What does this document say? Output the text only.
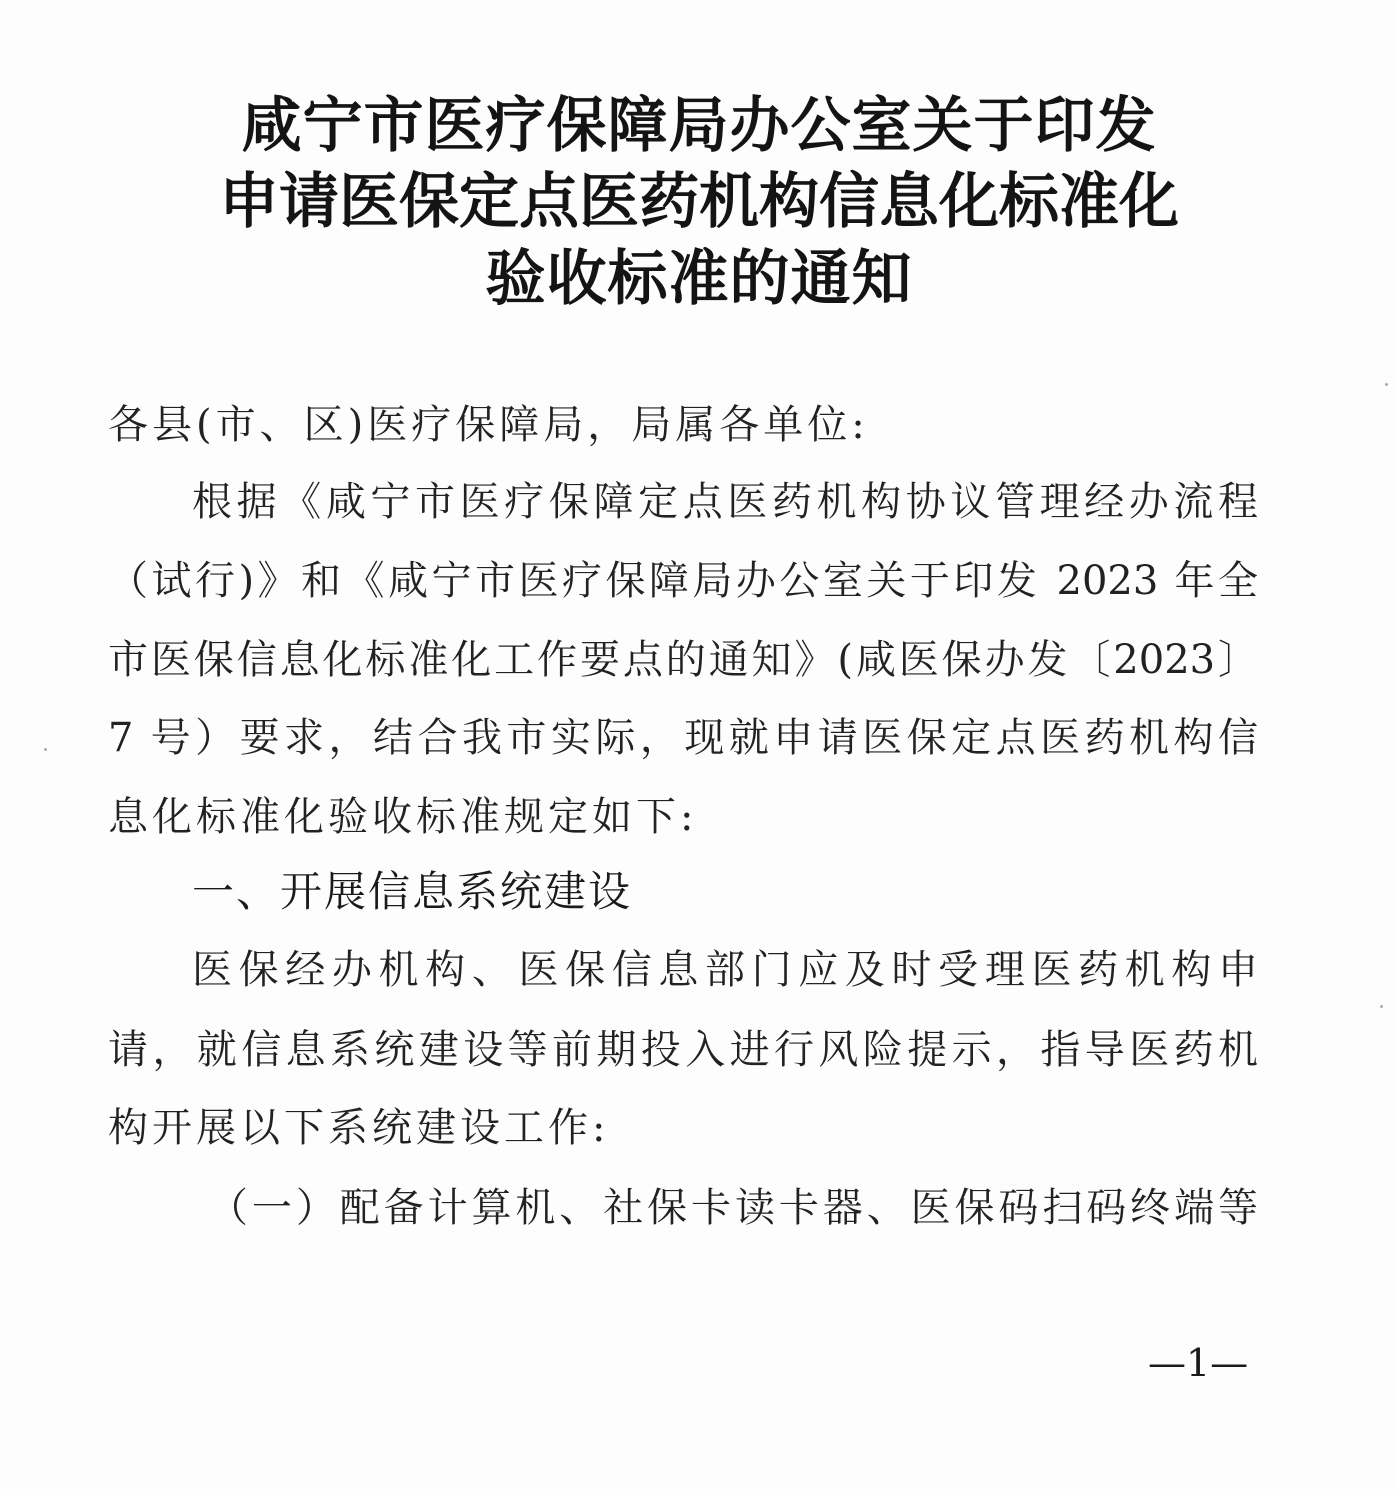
咸宁市医疗保障局办公室关于印发
申请医保定点医药机构信息化标准化
验收标准的通知
各县(市、区)医疗保障局，局属各单位:
根据《咸宁市医疗保障定点医药机构协议管理经办流程
（试行)》和《咸宁市医疗保障局办公室关于印发 2023 年全
市医保信息化标准化工作要点的通知》(咸医保办发〔2023〕
7 号）要求，结合我市实际，现就申请医保定点医药机构信
息化标准化验收标准规定如下:
一、开展信息系统建设
医保经办机构、医保信息部门应及时受理医药机构申
请，就信息系统建设等前期投入进行风险提示，指导医药机
构开展以下系统建设工作:
（一）配备计算机、社保卡读卡器、医保码扫码终端等
—1—
